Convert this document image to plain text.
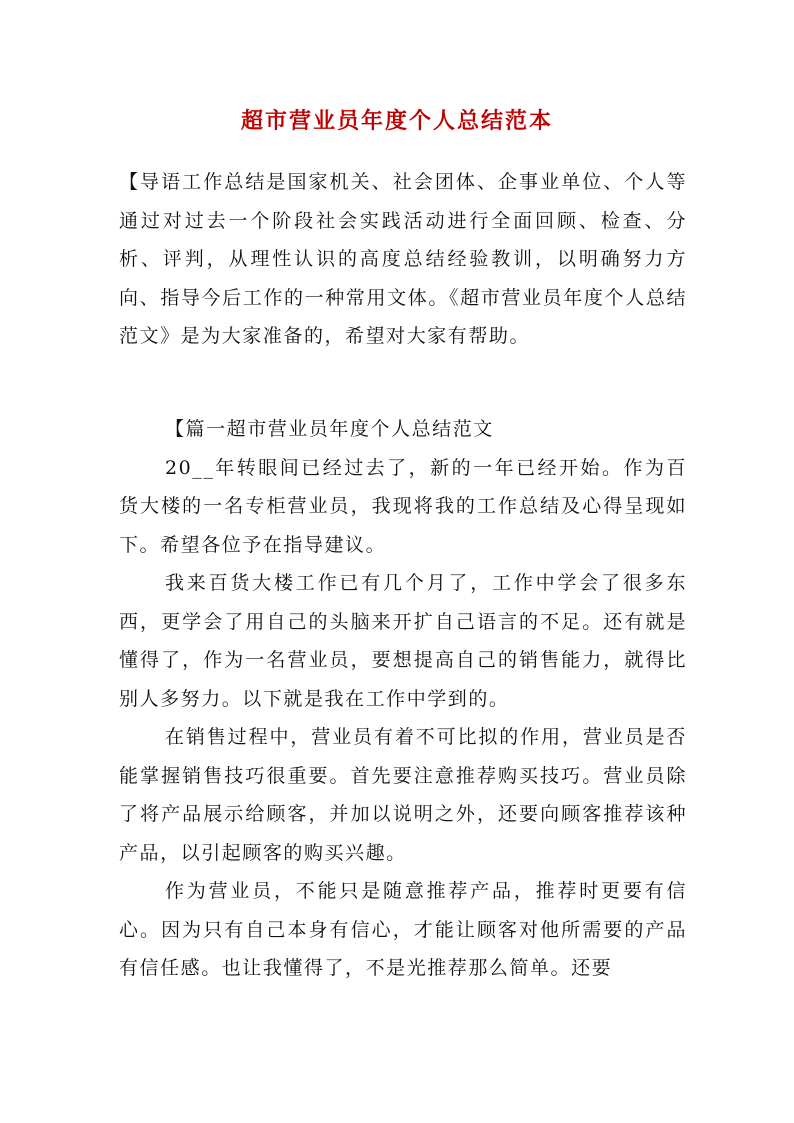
超市营业员年度个人总结范本

【导语工作总结是国家机关、社会团体、企事业单位、个人等通过对过去一个阶段社会实践活动进行全面回顾、检查、分析、评判，从理性认识的高度总结经验教训，以明确努力方向、指导今后工作的一种常用文体。《超市营业员年度个人总结范文》是为大家准备的，希望对大家有帮助。

【篇一超市营业员年度个人总结范文

20__年转眼间已经过去了，新的一年已经开始。作为百货大楼的一名专柜营业员，我现将我的工作总结及心得呈现如下。希望各位予在指导建议。

我来百货大楼工作已有几个月了，工作中学会了很多东西，更学会了用自己的头脑来开扩自己语言的不足。还有就是懂得了，作为一名营业员，要想提高自己的销售能力，就得比别人多努力。以下就是我在工作中学到的。

在销售过程中，营业员有着不可比拟的作用，营业员是否能掌握销售技巧很重要。首先要注意推荐购买技巧。营业员除了将产品展示给顾客，并加以说明之外，还要向顾客推荐该种产品，以引起顾客的购买兴趣。

作为营业员，不能只是随意推荐产品，推荐时更要有信心。因为只有自己本身有信心，才能让顾客对他所需要的产品有信任感。也让我懂得了，不是光推荐那么简单。还要
